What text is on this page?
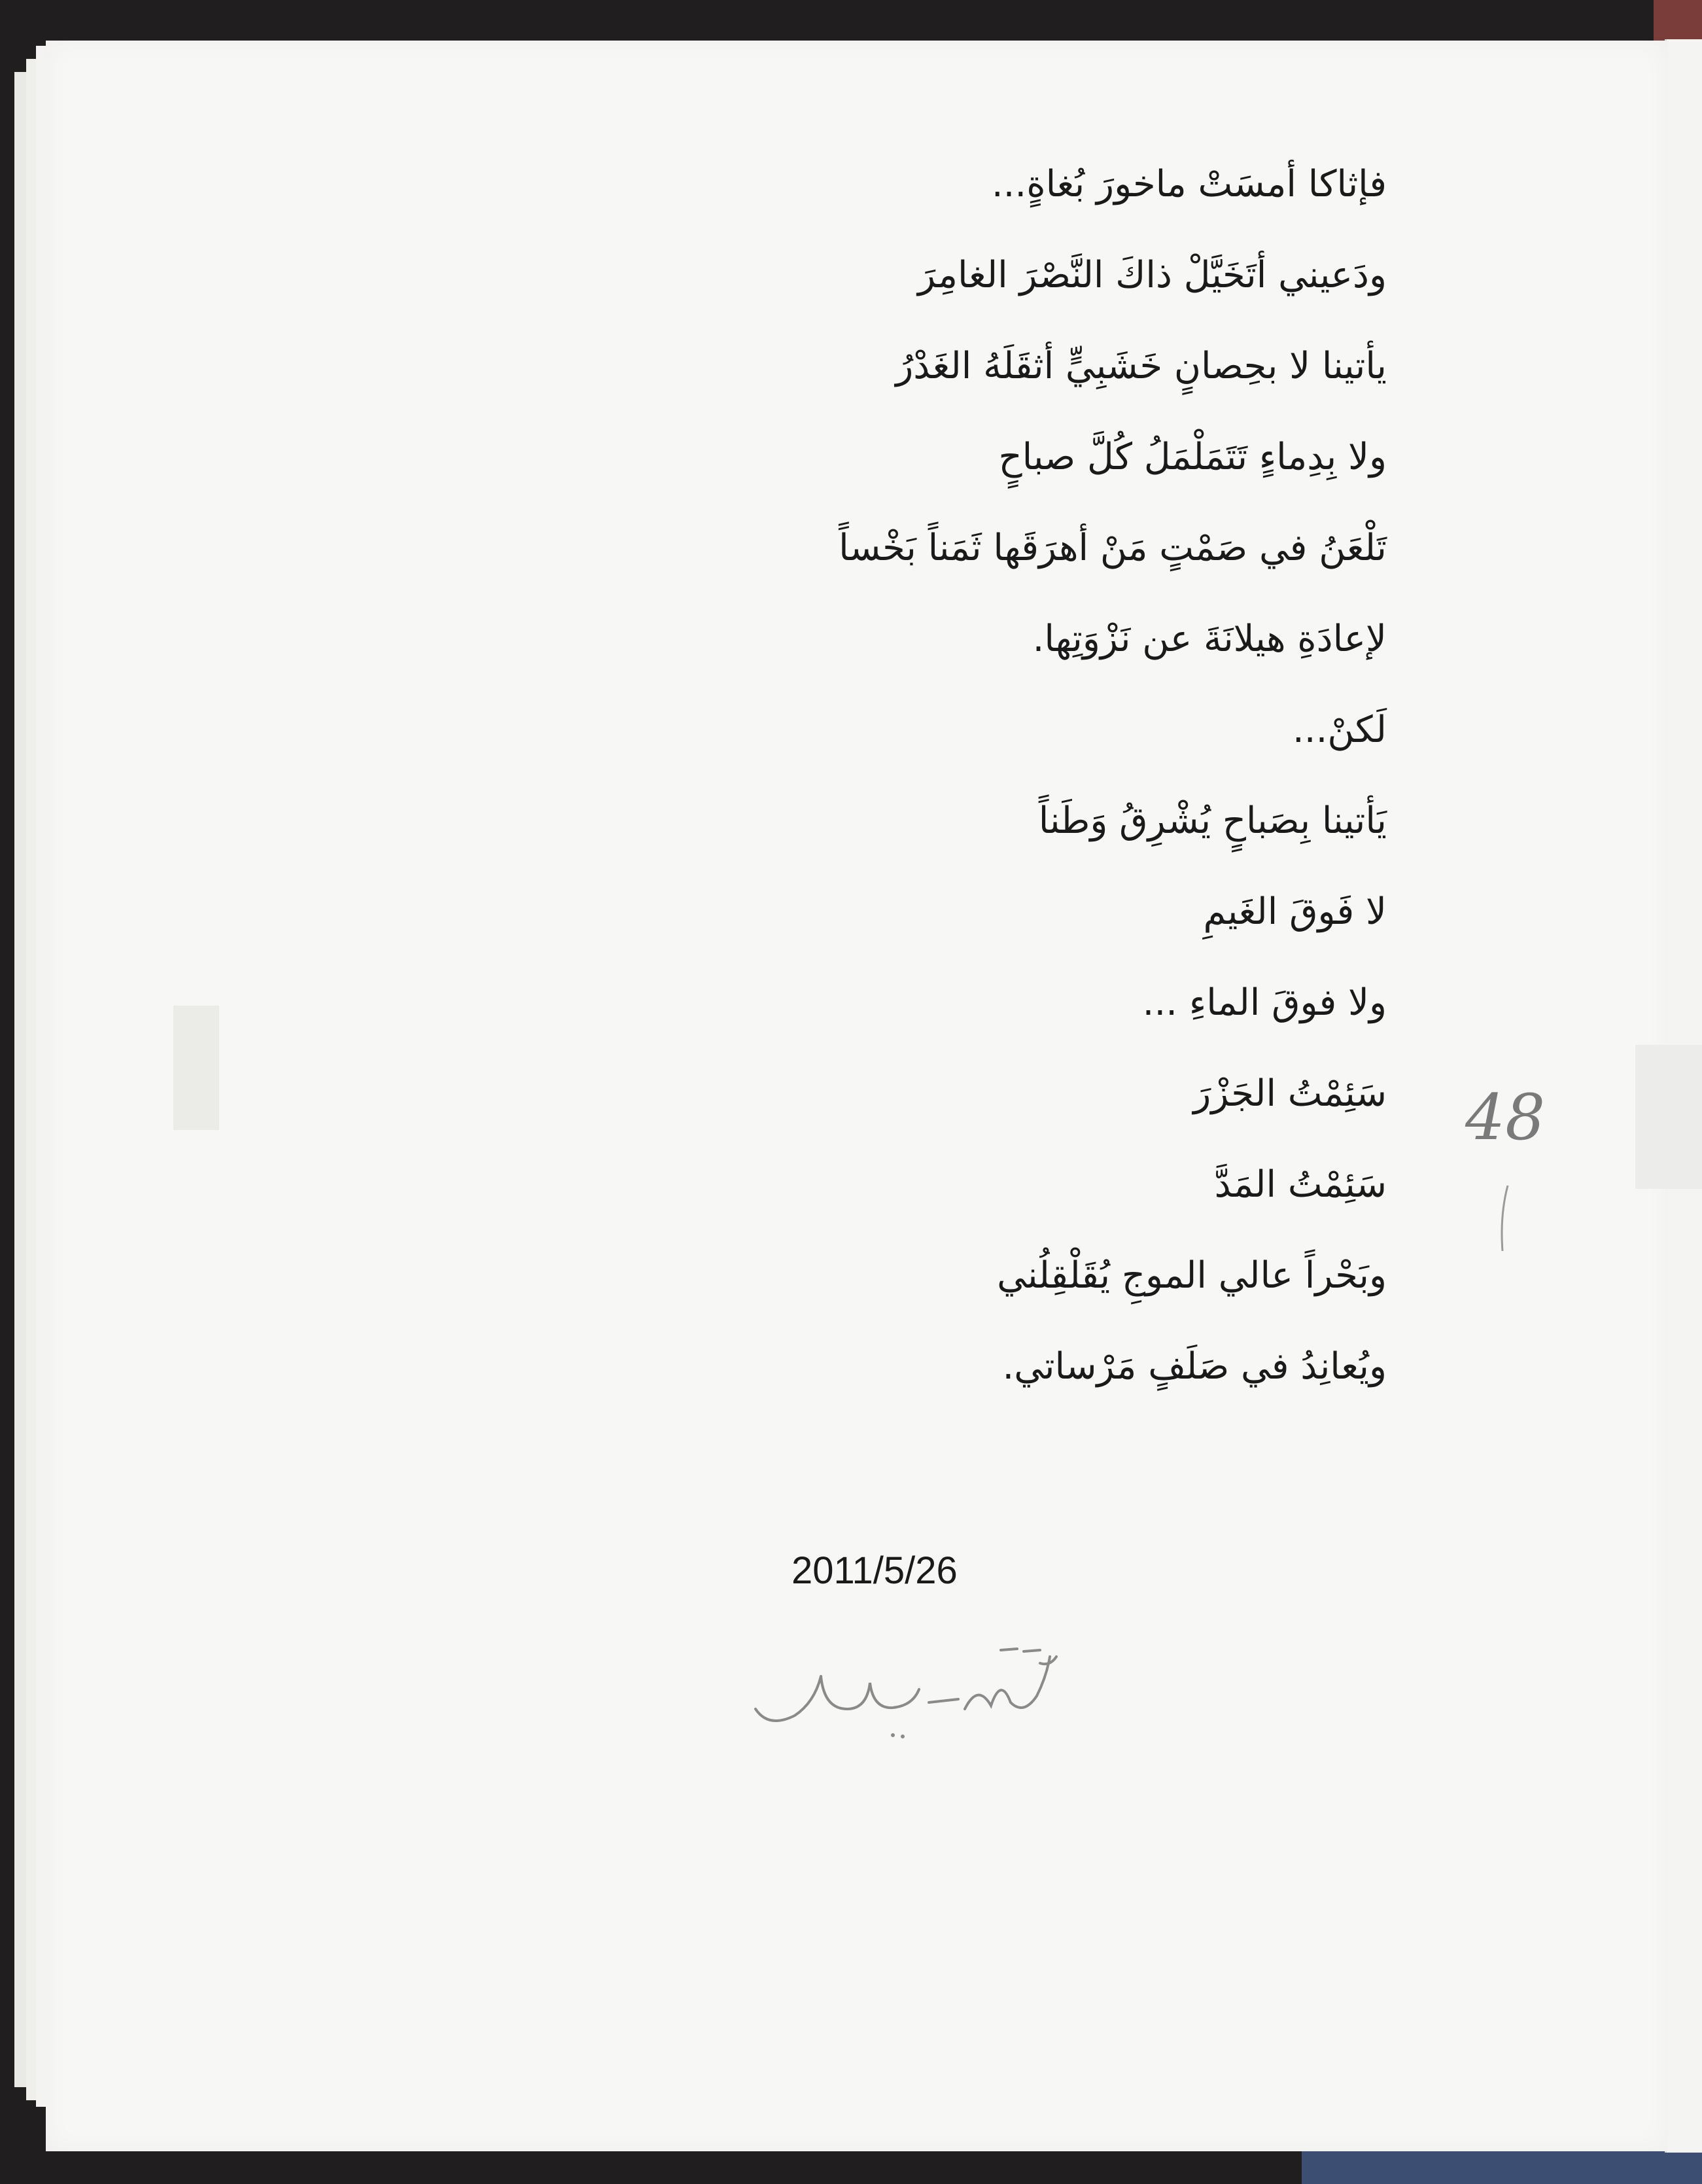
فإثاكا أمسَتْ ماخورَ بُغاةٍ...
ودَعيني أتَخَيَّلْ ذاكَ النَّصْرَ الغامِرَ
يأتينا لا بحِصانٍ خَشَبِيٍّ أثقَلَهُ الغَدْرُ
ولا بِدِماءٍ تَتَمَلْمَلُ كُلَّ صباحٍ
تَلْعَنُ في صَمْتٍ مَنْ أهرَقَها ثَمَناً بَخْساً
لإعادَةِ هيلانَةَ عن نَزْوَتِها.
لَكنْ...
يَأتينا بِصَباحٍ يُشْرِقُ وَطَناً
لا فَوقَ الغَيمِ
ولا فوقَ الماءِ ...
سَئِمْتُ الجَزْرَ
سَئِمْتُ المَدَّ
وبَحْراً عالي الموجِ يُقَلْقِلُني
ويُعانِدُ في صَلَفٍ مَرْساتي.
48
2011/5/26
